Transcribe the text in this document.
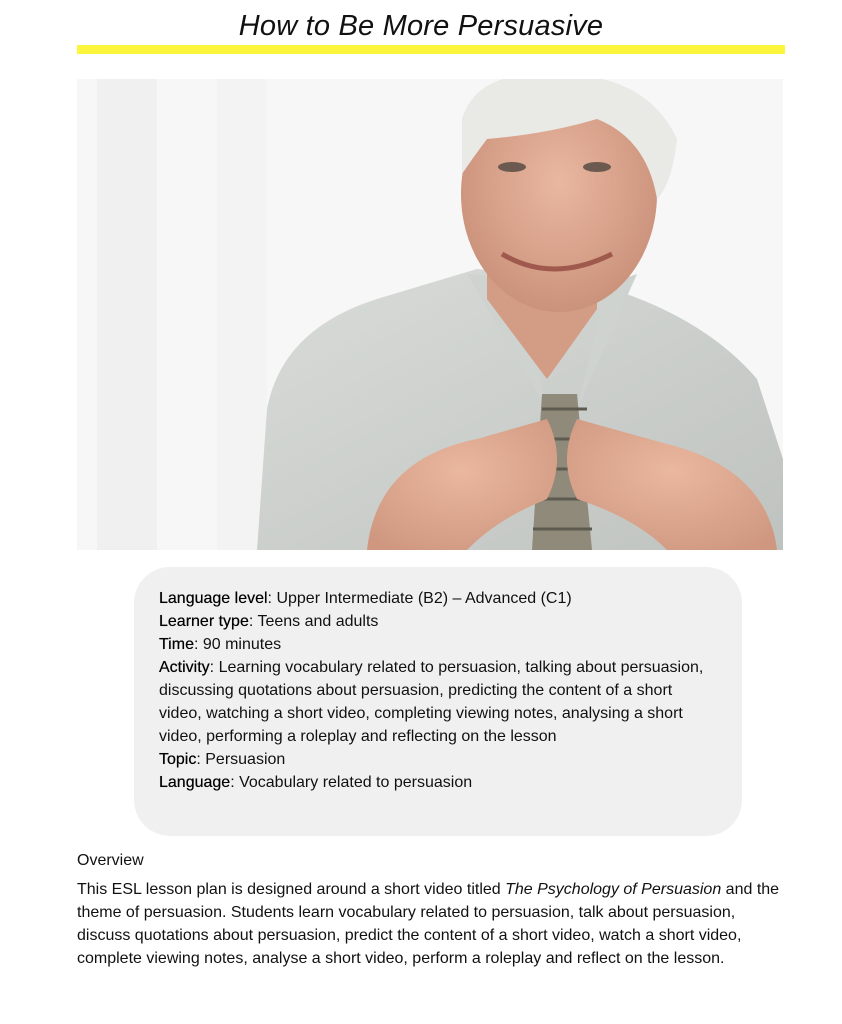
How to Be More Persuasive

Language level: Upper Intermediate (B2) – Advanced (C1)

Learner type: Teens and adults

Time: 90 minutes

Activity: Learning vocabulary related to persuasion, talking about persuasion, discussing quotations about persuasion, predicting the content of a short video, watching a short video, completing viewing notes, analysing a short video, performing a roleplay and reflecting on the lesson

Topic: Persuasion

Language: Vocabulary related to persuasion

Overview
This ESL lesson plan is designed around a short video titled The Psychology of Persuasion and the theme of persuasion. Students learn vocabulary related to persuasion, talk about persuasion, discuss quotations about persuasion, predict the content of a short video, watch a short video, complete viewing notes, analyse a short video, perform a roleplay and reflect on the lesson.
